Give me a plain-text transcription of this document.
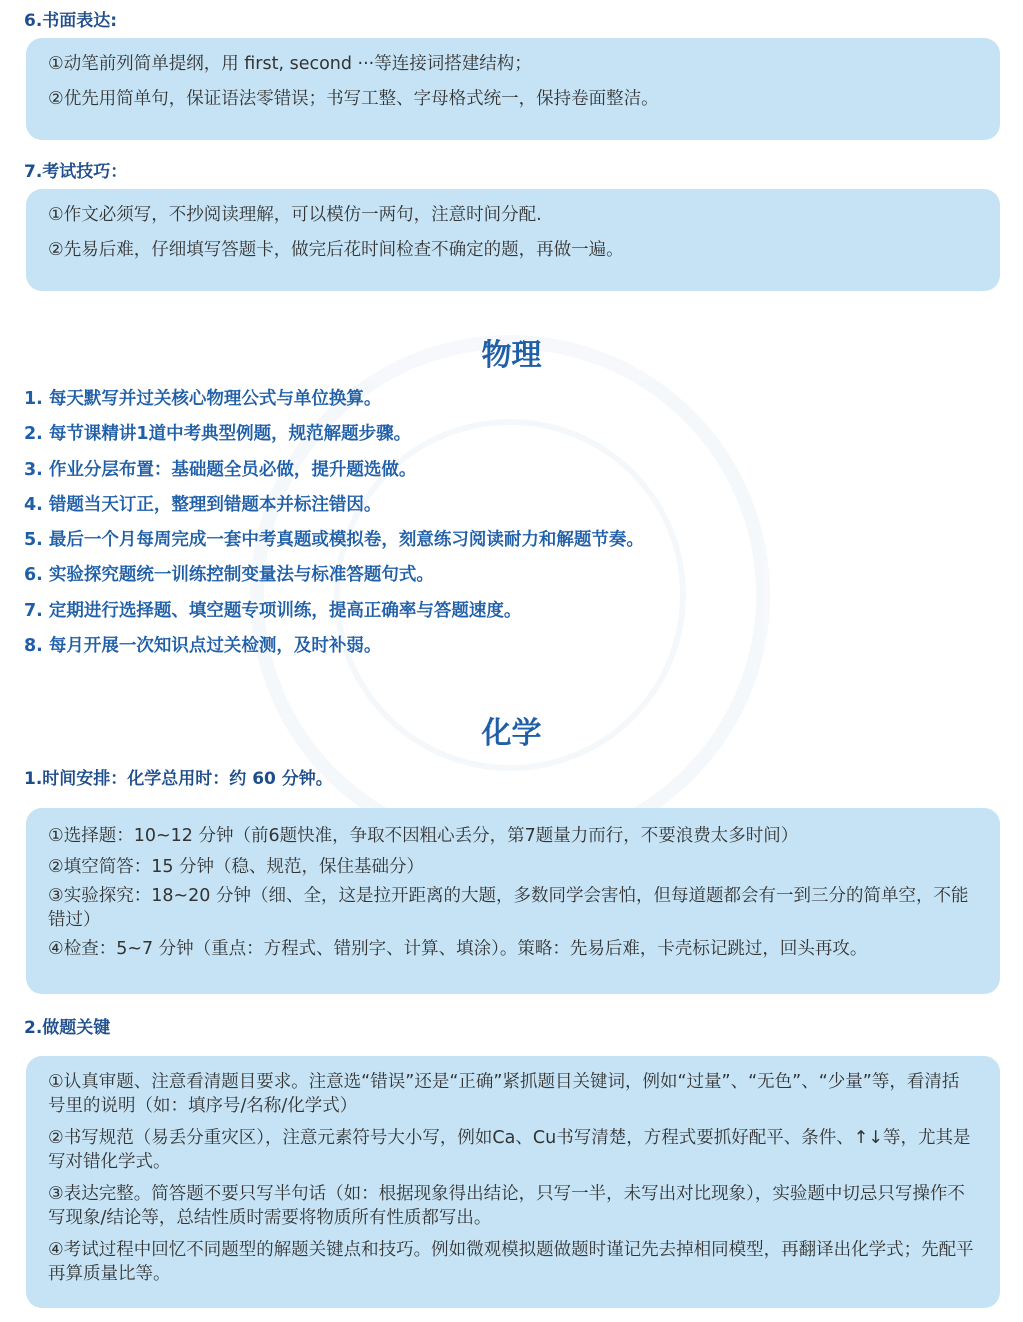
6.书面表达:

①动笔前列简单提纲，用 first, second ···等连接词搭建结构；

②优先用简单句，保证语法零错误；书写工整、字母格式统一，保持卷面整洁。

7.考试技巧：

①作文必须写，不抄阅读理解，可以模仿一两句，注意时间分配.

②先易后难，仔细填写答题卡，做完后花时间检查不确定的题，再做一遍。

物理
1. 每天默写并过关核心物理公式与单位换算。
2. 每节课精讲1道中考典型例题，规范解题步骤。
3. 作业分层布置：基础题全员必做，提升题选做。
4. 错题当天订正，整理到错题本并标注错因。
5. 最后一个月每周完成一套中考真题或模拟卷，刻意练习阅读耐力和解题节奏。
6. 实验探究题统一训练控制变量法与标准答题句式。
7. 定期进行选择题、填空题专项训练，提高正确率与答题速度。
8. 每月开展一次知识点过关检测，及时补弱。
化学
1.时间安排：化学总用时：约 60 分钟。

①选择题：10~12 分钟（前6题快准，争取不因粗心丢分，第7题量力而行，不要浪费太多时间）

②填空简答：15 分钟（稳、规范，保住基础分）

③实验探究：18~20 分钟（细、全，这是拉开距离的大题，多数同学会害怕，但每道题都会有一到三分的简单空，不能错过）

④检查：5~7 分钟（重点：方程式、错别字、计算、填涂）。策略：先易后难，卡壳标记跳过，回头再攻。

2.做题关键

①认真审题、注意看清题目要求。注意选“错误”还是“正确”紧抓题目关键词，例如“过量”、“无色”、“少量”等，看清括号里的说明（如：填序号/名称/化学式）

②书写规范（易丢分重灾区），注意元素符号大小写，例如Ca、Cu书写清楚，方程式要抓好配平、条件、↑↓等，尤其是写对错化学式。

③表达完整。简答题不要只写半句话（如：根据现象得出结论，只写一半，未写出对比现象），实验题中切忌只写操作不写现象/结论等，总结性质时需要将物质所有性质都写出。

④考试过程中回忆不同题型的解题关键点和技巧。例如微观模拟题做题时谨记先去掉相同模型，再翻译出化学式；先配平再算质量比等。
